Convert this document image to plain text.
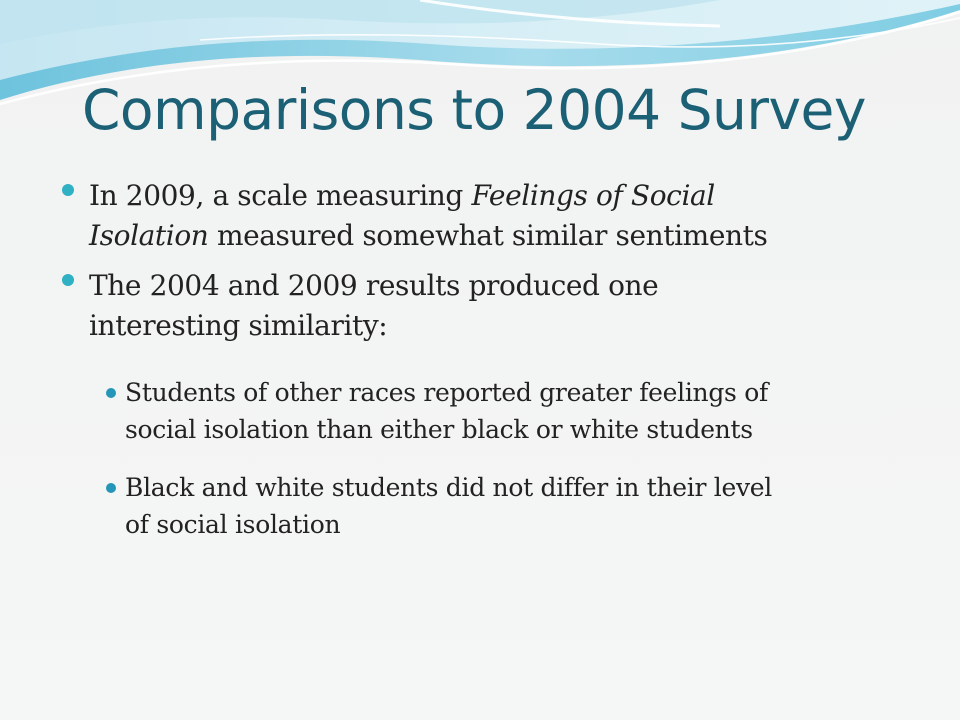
Comparisons to 2004 Survey
In 2009, a scale measuring Feelings of Social
Isolation measured somewhat similar sentiments
The 2004 and 2009 results produced one
interesting similarity:
Students of other races reported greater feelings of
social isolation than either black or white students
Black and white students did not differ in their level
of social isolation
